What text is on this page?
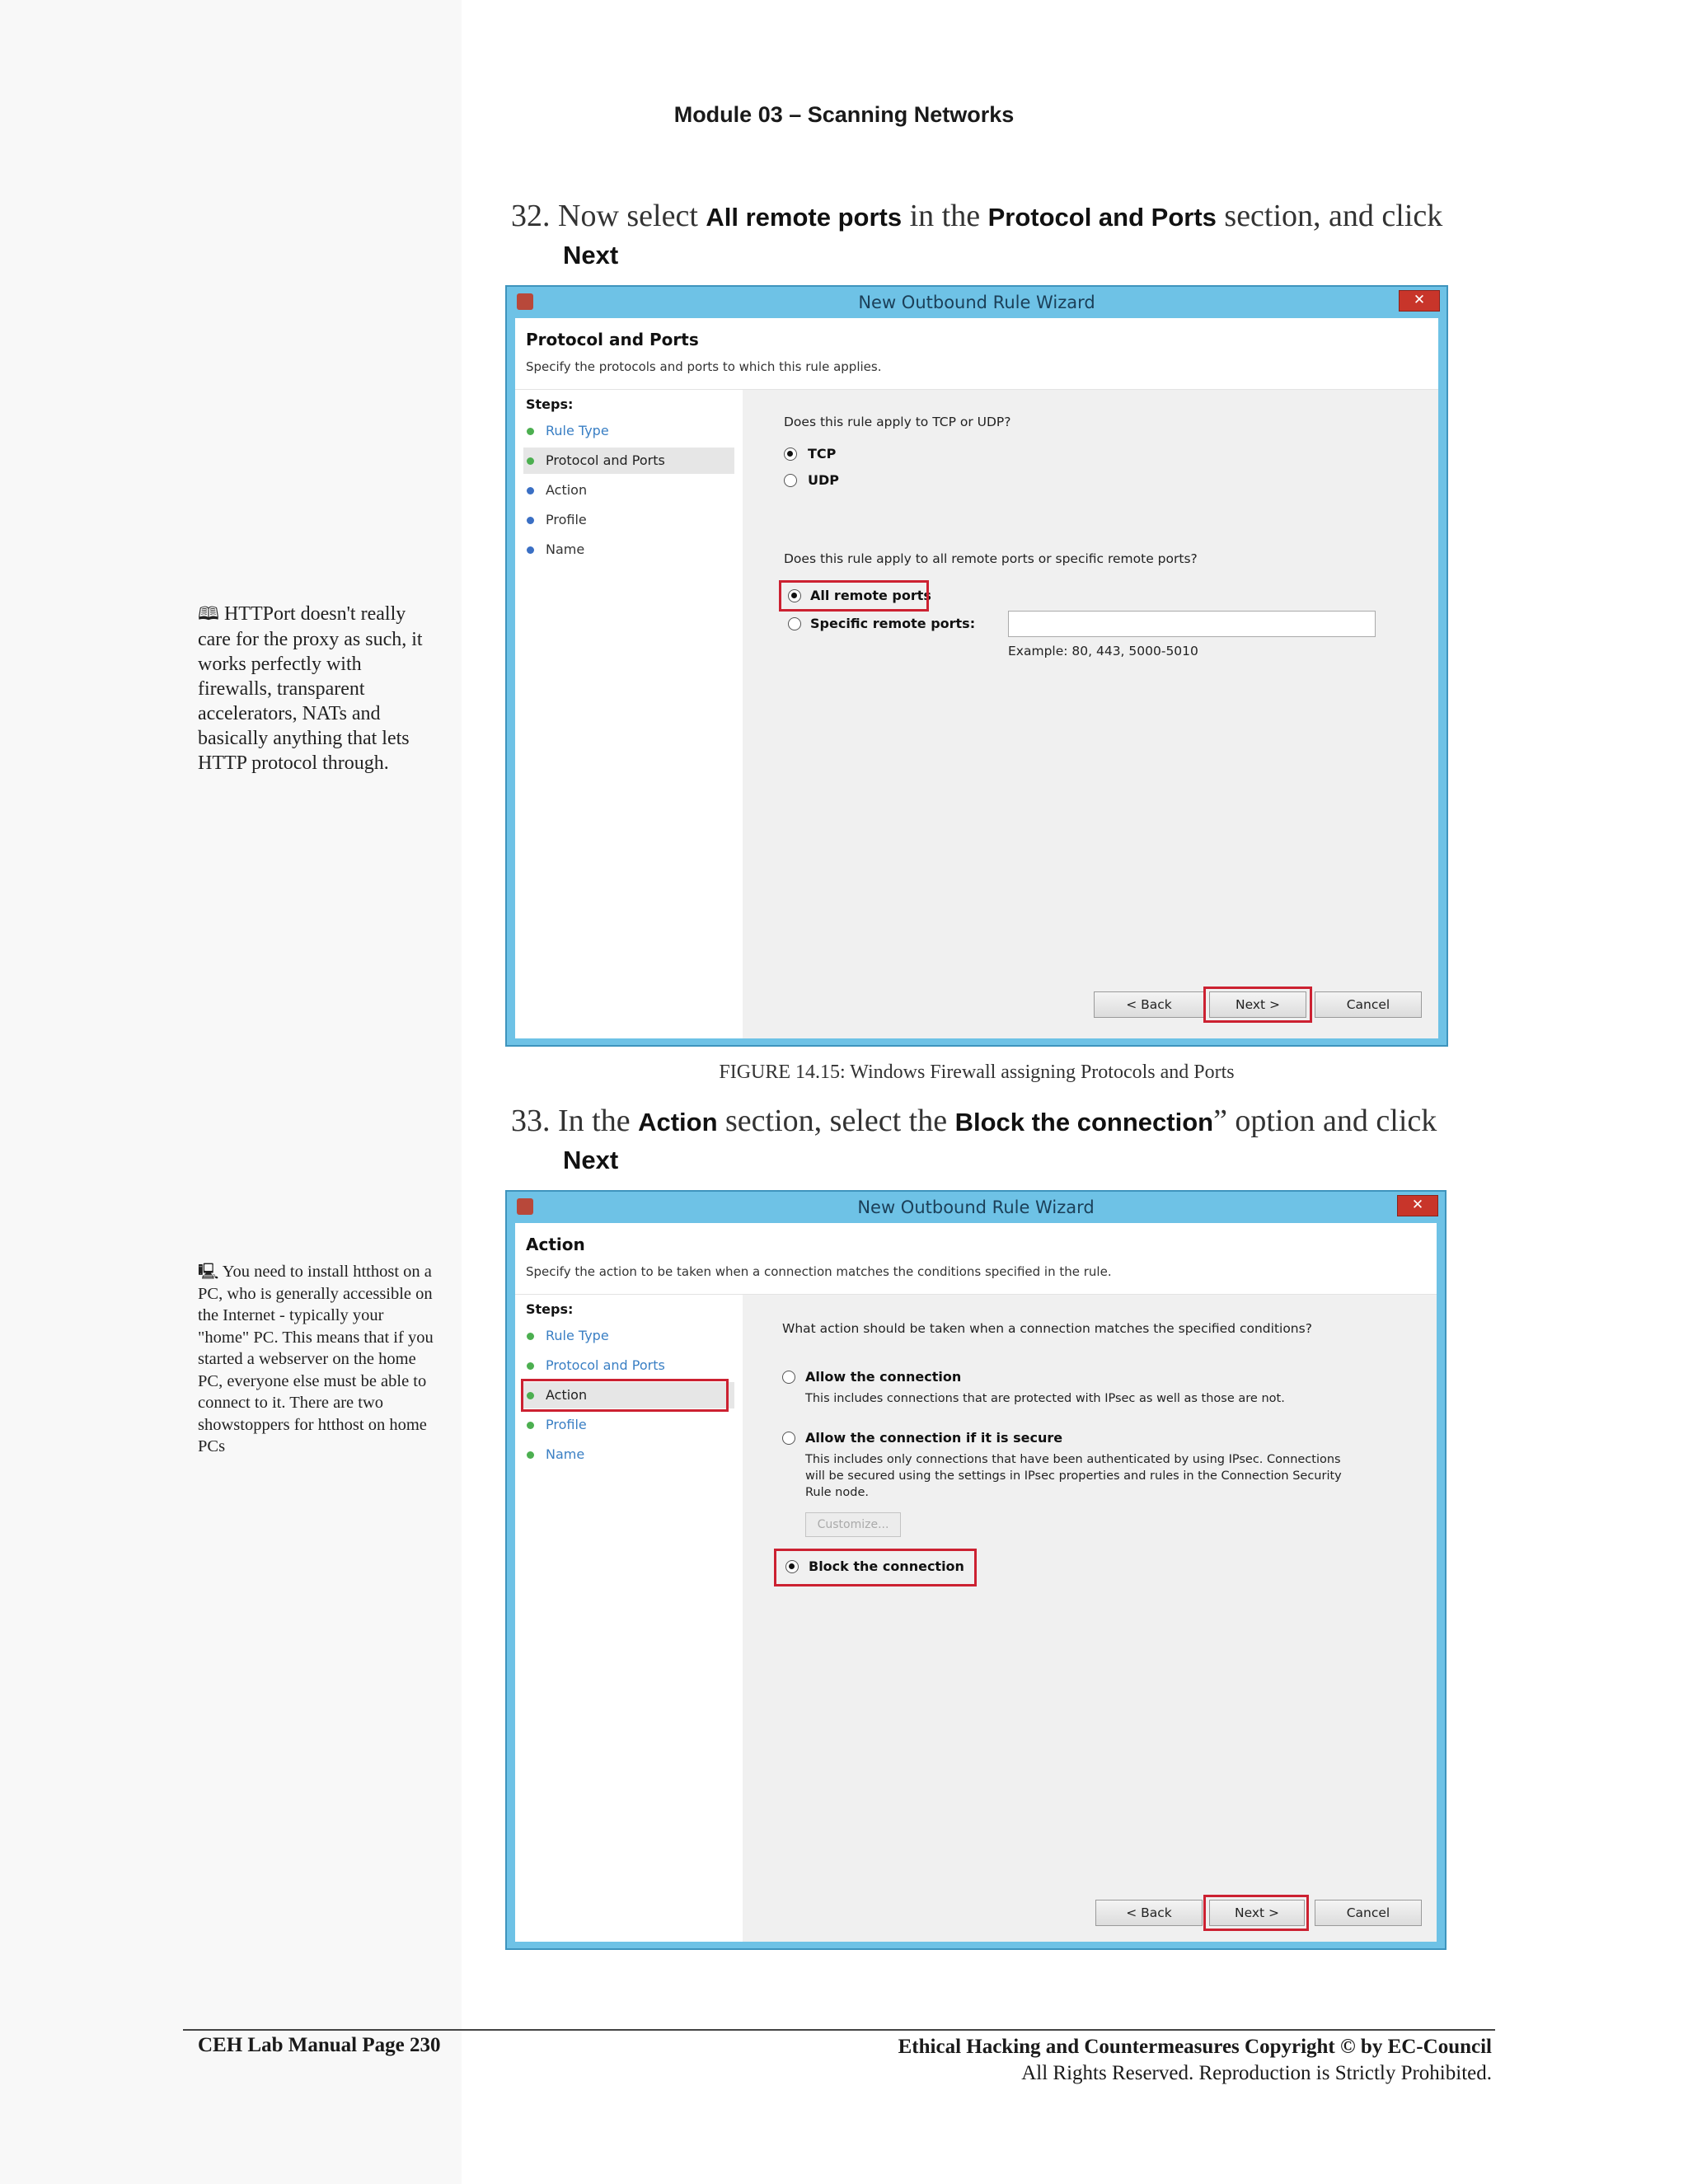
Module 03 – Scanning Networks
32. Now select All remote ports in the Protocol and Ports section, and click
Next
🕮 HTTPort doesn't really care for the proxy as such, it works perfectly with firewalls, transparent accelerators, NATs and basically anything that lets HTTP protocol through.
New Outbound Rule Wizard	✕
Protocol and Ports
Specify the protocols and ports to which this rule applies.
Steps:
Rule Type
Protocol and Ports
Action
Profile
Name
Does this rule apply to TCP or UDP?
TCP
UDP
Does this rule apply to all remote ports or specific remote ports?
All remote ports
Specific remote ports:
Example: 80, 443, 5000-5010
< Back	Next >	Cancel
FIGURE 14.15: Windows Firewall assigning Protocols and Ports
33. In the Action section, select the Block the connection” option and click
Next
🖳 You need to install htthost on a PC, who is generally accessible on the Internet - typically your "home" PC. This means that if you started a webserver on the home PC, everyone else must be able to connect to it. There are two showstoppers for htthost on home PCs
New Outbound Rule Wizard	✕
Action
Specify the action to be taken when a connection matches the conditions specified in the rule.
Steps:
Rule Type
Protocol and Ports
Action
Profile
Name
What action should be taken when a connection matches the specified conditions?
Allow the connection
This includes connections that are protected with IPsec as well as those are not.
Allow the connection if it is secure
This includes only connections that have been authenticated by using IPsec. Connections
will be secured using the settings in IPsec properties and rules in the Connection Security
Rule node.
Customize...
Block the connection
< Back	Next >	Cancel
CEH Lab Manual Page 230	Ethical Hacking and Countermeasures Copyright © by EC-Council
All Rights Reserved. Reproduction is Strictly Prohibited.
